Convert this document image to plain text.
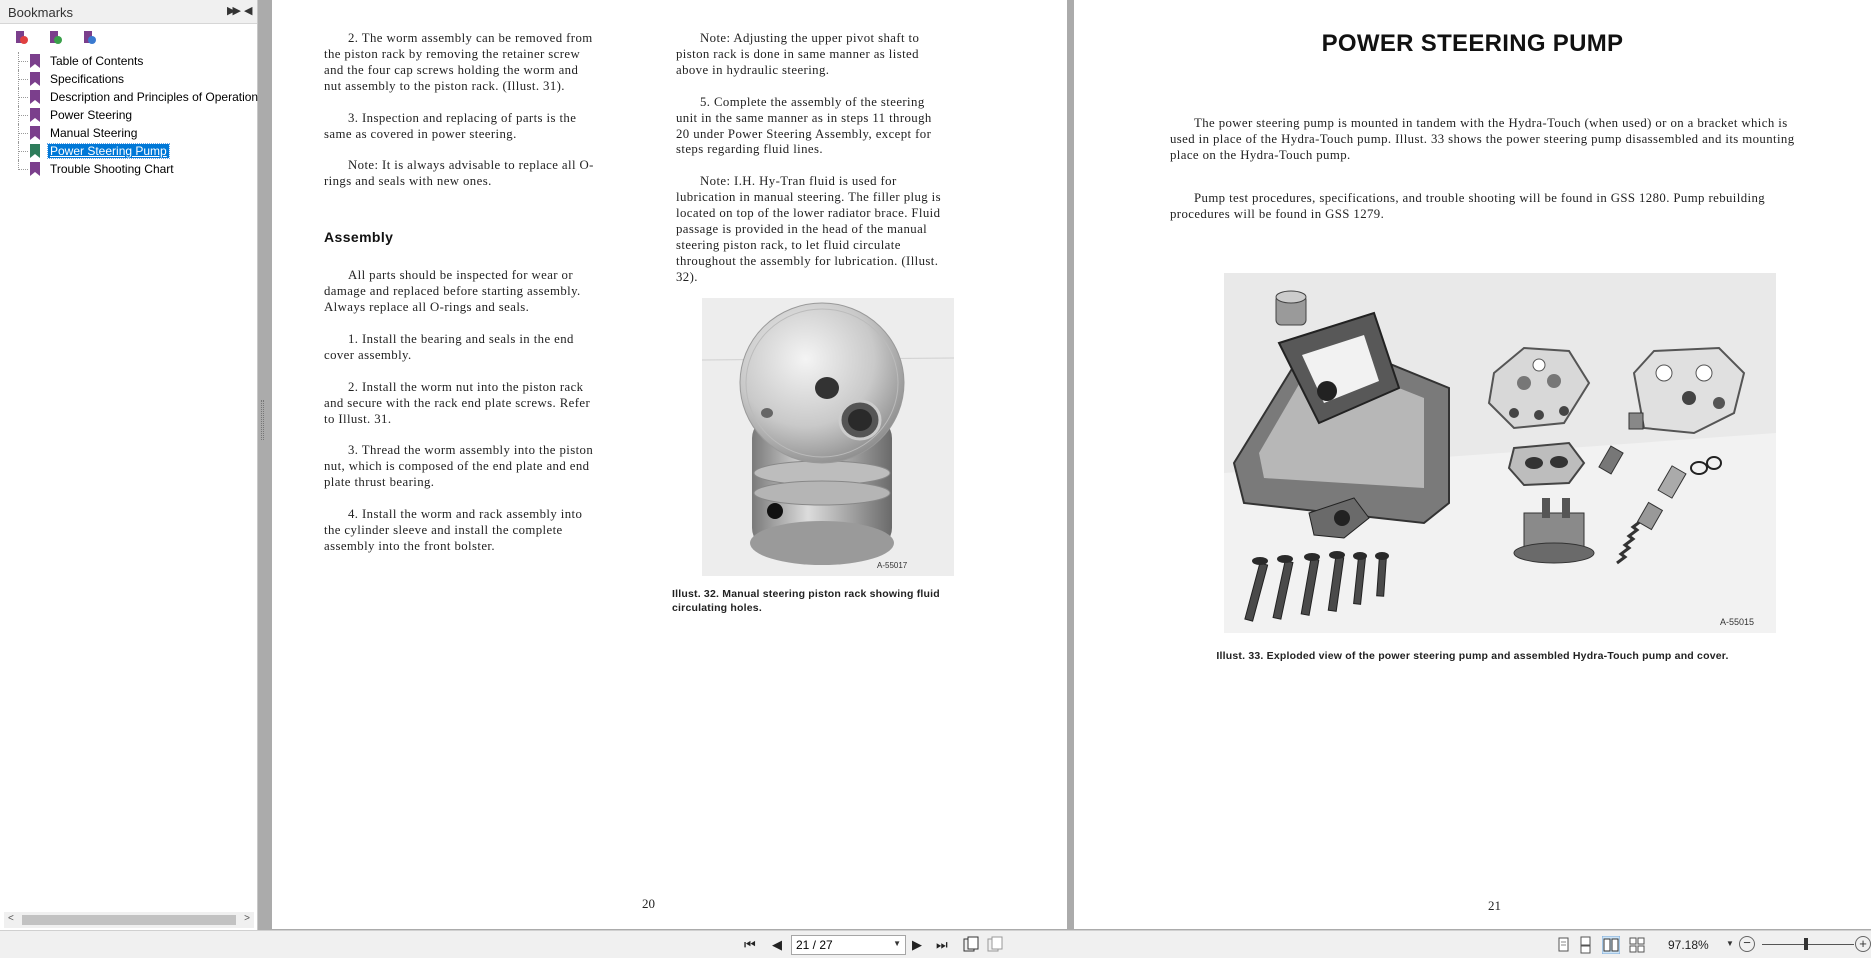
Bookmarks	▶▶ ◀
Table of Contents
Specifications
Description and Principles of Operation
Power Steering
Manual Steering
Power Steering Pump
Trouble Shooting Chart
<	>

2. The worm assembly can be removed from the piston rack by removing the retainer screw and the four cap screws holding the worm and nut assembly to the piston rack. (Illust. 31).

3. Inspection and replacing of parts is the same as covered in power steering.

Note: It is always advisable to replace all O-rings and seals with new ones.

Assembly

All parts should be inspected for wear or damage and replaced before starting assembly. Always replace all O-rings and seals.

1. Install the bearing and seals in the end cover assembly.

2. Install the worm nut into the piston rack and secure with the rack end plate screws. Refer to Illust. 31.

3. Thread the worm assembly into the piston nut, which is composed of the end plate and end plate thrust bearing.

4. Install the worm and rack assembly into the cylinder sleeve and install the complete assembly into the front bolster.

Note: Adjusting the upper pivot shaft to piston rack is done in same manner as listed above in hydraulic steering.

5. Complete the assembly of the steering unit in the same manner as in steps 11 through 20 under Power Steering Assembly, except for steps regarding fluid lines.

Note: I.H. Hy-Tran fluid is used for lubrication in manual steering. The filler plug is located on top of the lower radiator brace. Fluid passage is provided in the head of the manual steering piston rack, to let fluid circulate throughout the assembly for lubrication. (Illust. 32).

A-55017
Illust. 32. Manual steering piston rack showing fluid circulating holes.
20
POWER STEERING PUMP

The power steering pump is mounted in tandem with the Hydra-Touch (when used) or on a bracket which is used in place of the Hydra-Touch pump. Illust. 33 shows the power steering pump disassembled and its mounting place on the Hydra-Touch pump.

Pump test procedures, specifications, and trouble shooting will be found in GSS 1280. Pump rebuilding procedures will be found in GSS 1279.

A-55015
Illust. 33. Exploded view of the power steering pump and assembled Hydra-Touch pump and cover.
21
⏮ ◀	21 / 27	▼ ▶ ⏭	97.18% ▼ −	+
